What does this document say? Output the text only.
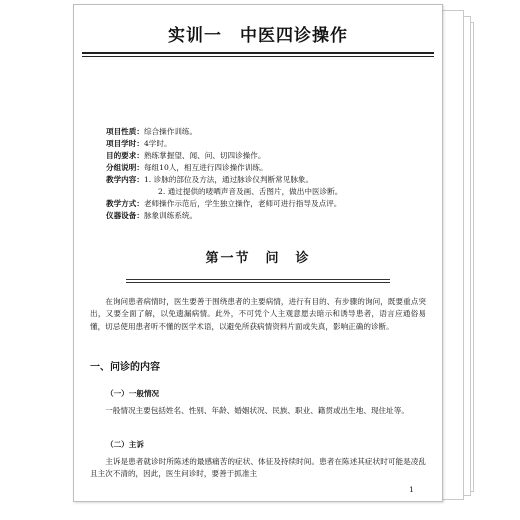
实训一　中医四诊操作
项目性质： 综合操作训练。
项目学时： 4学时。
目的要求： 熟练掌握望、闻、问、切四诊操作。
分组说明： 每组10人，相互进行四诊操作训练。
教学内容： 1. 诊脉的部位及方法，通过脉诊仪判断常见脉象。
2. 通过提供的唛哂声音及画、舌图片，做出中医诊断。
教学方式： 老师操作示范后，学生独立操作，老师可进行指导及点评。
仪器设备： 脉象训练系统。
第一节　问　诊
在询问患者病情时，医生要善于围绕患者的主要病情，进行有目的、有步骤的询问，既要重点突出，又要全面了解，以免遗漏病情。此外，不可凭个人主观意愿去暗示和诱导患者，语言应通俗易懂，切忌使用患者听不懂的医学术语，以避免所获病情资料片面或失真，影响正确的诊断。
一、问诊的内容
（一）一般情况
一般情况主要包括姓名、性别、年龄、婚姻状况、民族、职业、籍贯或出生地、现住址等。
（二）主诉
主诉是患者就诊时所陈述的最感痛苦的症状、体征及持续时间。患者在陈述其症状时可能是凌乱且主次不清的，因此，医生问诊时，要善于抓准主
1
